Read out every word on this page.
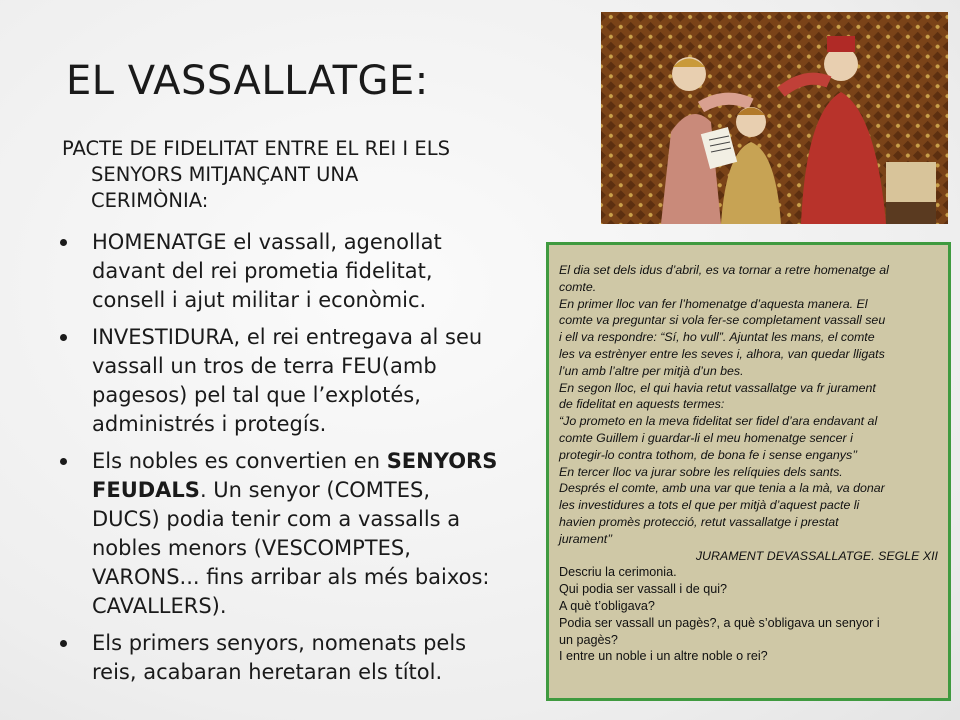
EL VASSALLATGE:
PACTE DE FIDELITAT ENTRE EL REI I ELS
SENYORS MITJANÇANT UNA
CERIMÒNIA:
HOMENATGE el vassall, agenollat
davant del rei prometia fidelitat,
consell i ajut militar i econòmic.
INVESTIDURA, el rei entregava al seu
vassall un tros de terra FEU(amb
pagesos) pel tal que l’explotés,
administrés i protegís.
Els nobles es convertien en SENYORS
FEUDALS. Un senyor (COMTES,
DUCS) podia tenir com a vassalls a
nobles menors (VESCOMPTES,
VARONS... fins arribar als més baixos:
CAVALLERS).
Els primers senyors, nomenats pels
reis, acabaran heretaran els títol.
El dia set dels idus d’abril, es va tornar a retre homenatge al
comte.
En primer lloc van fer l’homenatge d’aquesta manera. El
comte va preguntar si vola fer-se completament vassall seu
i ell va respondre: “Sí, ho vull”. Ajuntat les mans, el comte
les va estrènyer entre les seves i, alhora, van quedar lligats
l’un amb l’altre per mitjà d’un bes.
En segon lloc, el qui havia retut vassallatge va fr jurament
de fidelitat en aquests termes:
“Jo prometo en la meva fidelitat ser fidel d’ara endavant al
comte Guillem i guardar-li el meu homenatge sencer i
protegir-lo contra tothom, de bona fe i sense enganys’’
En tercer lloc va jurar sobre les relíquies dels sants.
Després el comte, amb una var que tenia a la mà, va donar
les investidures a tots el que per mitjà d’aquest pacte li
havien promès protecció, retut vassallatge i prestat
jurament’’
JURAMENT DEVASSALLATGE. SEGLE XII
Descriu la cerimonia.
Qui podia ser vassall i de qui?
A què t’obligava?
Podia ser vassall un pagès?, a què s’obligava un senyor i
un pagès?
I entre un noble i un altre noble o rei?
